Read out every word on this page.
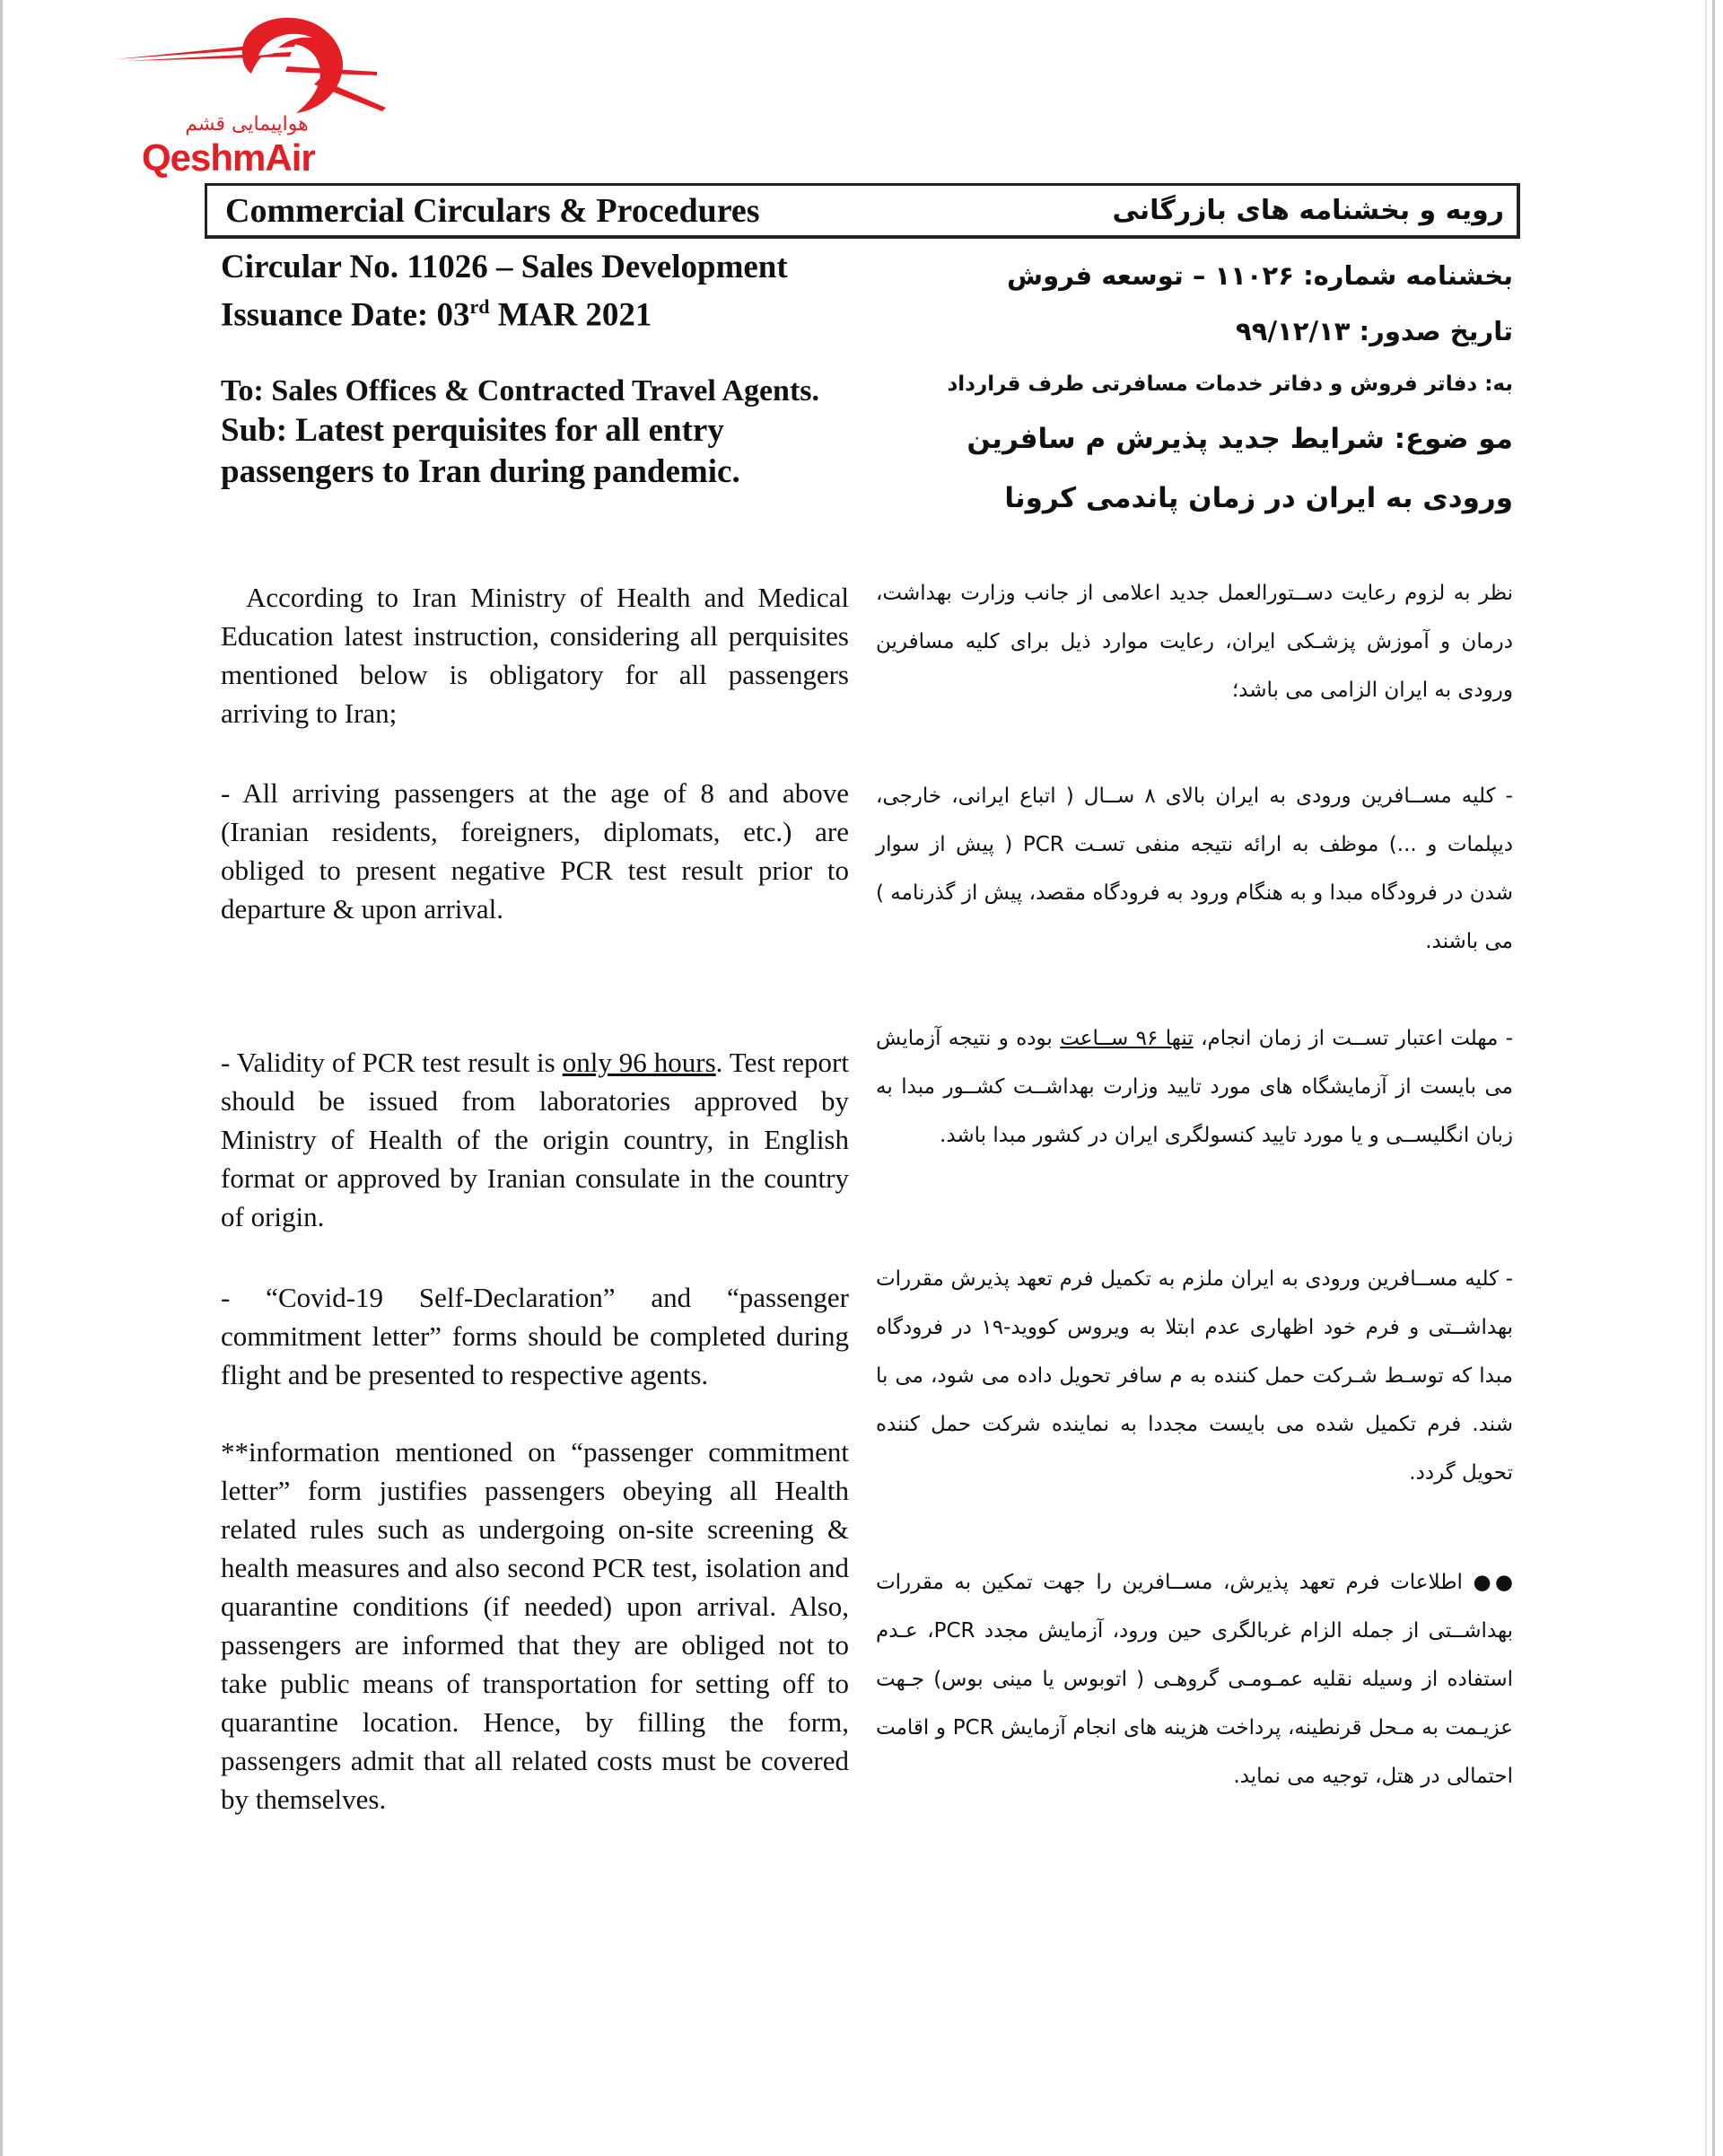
هواپیمایی قشم
QeshmAir
Commercial Circulars & Procedures	رویه و بخشنامه های بازرگانی
Circular No. 11026 – Sales Development
Issuance Date: 03rd MAR 2021
To: Sales Offices & Contracted Travel Agents.
Sub: Latest perquisites for all entry
passengers to Iran during pandemic.
According to Iran Ministry of Health and Medical Education latest instruction, considering all perquisites mentioned below is obligatory for all passengers arriving to Iran;
- All arriving passengers at the age of 8 and above (Iranian residents, foreigners, diplomats, etc.) are obliged to present negative PCR test result prior to departure & upon arrival.
- Validity of PCR test result is only 96 hours. Test report should be issued from laboratories approved by Ministry of Health of the origin country, in English format or approved by Iranian consulate in the country of origin.
- “Covid-19 Self-Declaration” and “passenger commitment letter” forms should be completed during flight and be presented to respective agents.
**information mentioned on “passenger commitment letter” form justifies passengers obeying all Health related rules such as undergoing on-site screening & health measures and also second PCR test, isolation and quarantine conditions (if needed) upon arrival. Also, passengers are informed that they are obliged not to take public means of transportation for setting off to quarantine location. Hence, by filling the form, passengers admit that all related costs must be covered by themselves.
بخشنامه شماره: ۱۱۰۲۶ – توسعه فروش
تاریخ صدور: ۹۹/۱۲/۱۳
به: دفاتر فروش و دفاتر خدمات مسافرتی طرف قرارداد
مو ضوع: شرایط جدید پذیرش م سافرین ورودی به ایران در زمان پاندمی کرونا
نظر به لزوم رعایت دســتورالعمل جدید اعلامی از جانب وزارت بهداشت، درمان و آموزش پزشـکی ایران، رعایت موارد ذیل برای کلیه مسافرین ورودی به ایران الزامی می باشد؛
- کلیه مســافرین ورودی به ایران بالای ۸ ســال ( اتباع ایرانی، خارجی، دیپلمات و ...) موظف به ارائه نتیجه منفی تسـت PCR ( پیش از سوار شدن در فرودگاه مبدا و به هنگام ورود به فرودگاه مقصد، پیش از گذرنامه ) می باشند.
- مهلت اعتبار تســت از زمان انجام، تنها ۹۶ ســاعت بوده و نتیجه آزمایش می بایست از آزمایشگاه های مورد تایید وزارت بهداشــت کشــور مبدا به زبان انگلیســی و یا مورد تایید کنسولگری ایران در کشور مبدا باشد.
- کلیه مســافرین ورودی به ایران ملزم به تکمیل فرم تعهد پذیرش مقررات بهداشــتی و فرم خود اظهاری عدم ابتلا به ویروس کووید-۱۹ در فرودگاه مبدا که توسـط شـرکت حمل کننده به م سافر تحویل داده می شود، می با شند. فرم تکمیل شده می بایست مجددا به نماینده شرکت حمل کننده تحویل گردد.
●● اطلاعات فرم تعهد پذیرش، مســافرین را جهت تمکین به مقررات بهداشــتی از جمله الزام غربالگری حین ورود، آزمایش مجدد PCR، عـدم استفاده از وسیله نقلیه عمـومـی گروهـی ( اتوبوس یا مینی بوس) جـهت عزیـمت به مـحل قرنطینه، پرداخت هزینه های انجام آزمایش PCR و اقامت احتمالی در هتل، توجیه می نماید.
